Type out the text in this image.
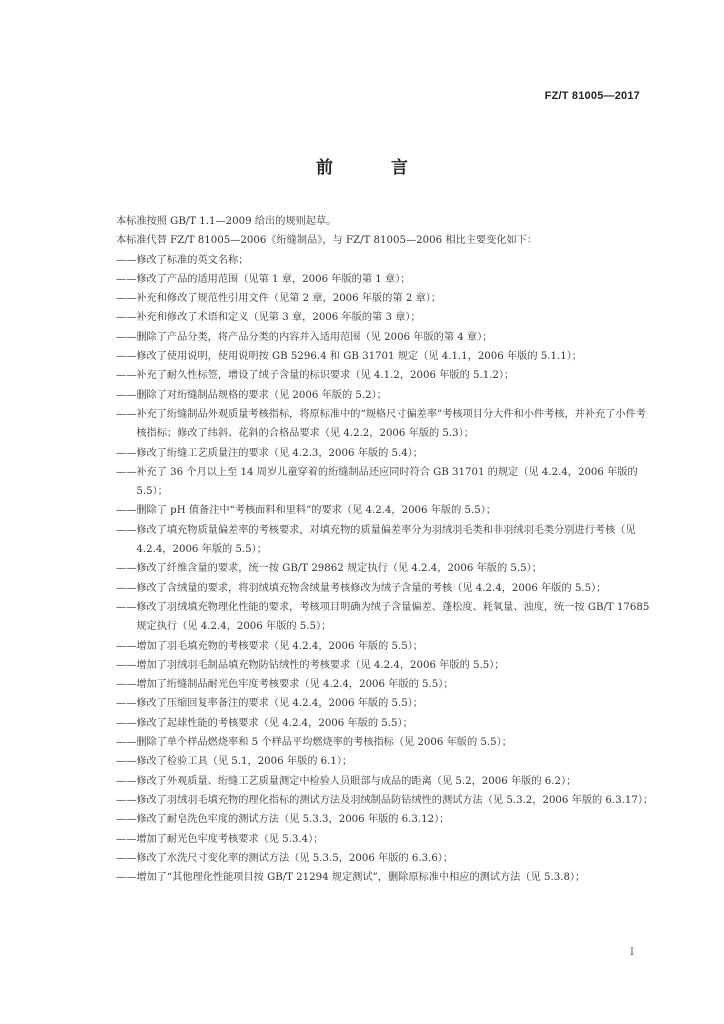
FZ/T 81005—2017
前 言

本标准按照 GB/T 1.1—2009 给出的规则起草。

本标准代替 FZ/T 81005—2006《绗缝制品》，与 FZ/T 81005—2006 相比主要变化如下：

—— 修改了标准的英文名称；
—— 修改了产品的适用范围（见第 1 章，2006 年版的第 1 章）；
—— 补充和修改了规范性引用文件（见第 2 章，2006 年版的第 2 章）；
—— 补充和修改了术语和定义（见第 3 章，2006 年版的第 3 章）；
—— 删除了产品分类，将产品分类的内容并入适用范围（见 2006 年版的第 4 章）；
—— 修改了使用说明，使用说明按 GB 5296.4 和 GB 31701 规定（见 4.1.1，2006 年版的 5.1.1）；
—— 补充了耐久性标签，增设了绒子含量的标识要求（见 4.1.2，2006 年版的 5.1.2）；
—— 删除了对绗缝制品规格的要求（见 2006 年版的 5.2）；
—— 补充了绗缝制品外观质量考核指标，将原标准中的“规格尺寸偏差率”考核项目分大件和小件考核，并补充了小件考核指标；修改了纬斜、花斜的合格品要求（见 4.2.2，2006 年版的 5.3）；
—— 修改了绗缝工艺质量注的要求（见 4.2.3，2006 年版的 5.4）；
—— 补充了 36 个月以上至 14 周岁儿童穿着的绗缝制品还应同时符合 GB 31701 的规定（见 4.2.4，2006 年版的 5.5）；
—— 删除了 pH 值备注中“考核面料和里料”的要求（见 4.2.4，2006 年版的 5.5）；
—— 修改了填充物质量偏差率的考核要求，对填充物的质量偏差率分为羽绒羽毛类和非羽绒羽毛类分别进行考核（见 4.2.4，2006 年版的 5.5）；
—— 修改了纤维含量的要求，统一按 GB/T 29862 规定执行（见 4.2.4，2006 年版的 5.5）；
—— 修改了含绒量的要求，将羽绒填充物含绒量考核修改为绒子含量的考核（见 4.2.4，2006 年版的 5.5）；
—— 修改了羽绒填充物理化性能的要求，考核项目明确为绒子含量偏差、蓬松度、耗氧量、浊度，统一按 GB/T 17685 规定执行（见 4.2.4，2006 年版的 5.5）；
—— 增加了羽毛填充物的考核要求（见 4.2.4，2006 年版的 5.5）；
—— 增加了羽绒羽毛制品填充物防钻绒性的考核要求（见 4.2.4，2006 年版的 5.5）；
—— 增加了绗缝制品耐光色牢度考核要求（见 4.2.4，2006 年版的 5.5）；
—— 修改了压缩回复率备注的要求（见 4.2.4，2006 年版的 5.5）；
—— 修改了起球性能的考核要求（见 4.2.4，2006 年版的 5.5）；
—— 删除了单个样品燃烧率和 5 个样品平均燃烧率的考核指标（见 2006 年版的 5.5）；
—— 修改了检验工具（见 5.1，2006 年版的 6.1）；
—— 修改了外观质量、绗缝工艺质量测定中检验人员眼部与成品的距离（见 5.2，2006 年版的 6.2）；
—— 修改了羽绒羽毛填充物的理化指标的测试方法及羽绒制品防钻绒性的测试方法（见 5.3.2，2006 年版的 6.3.17）；
—— 修改了耐皂洗色牢度的测试方法（见 5.3.3，2006 年版的 6.3.12）；
—— 增加了耐光色牢度考核要求（见 5.3.4）；
—— 修改了水洗尺寸变化率的测试方法（见 5.3.5，2006 年版的 6.3.6）；
—— 增加了“其他理化性能项目按 GB/T 21294 规定测试”，删除原标准中相应的测试方法（见 5.3.8）；
I
